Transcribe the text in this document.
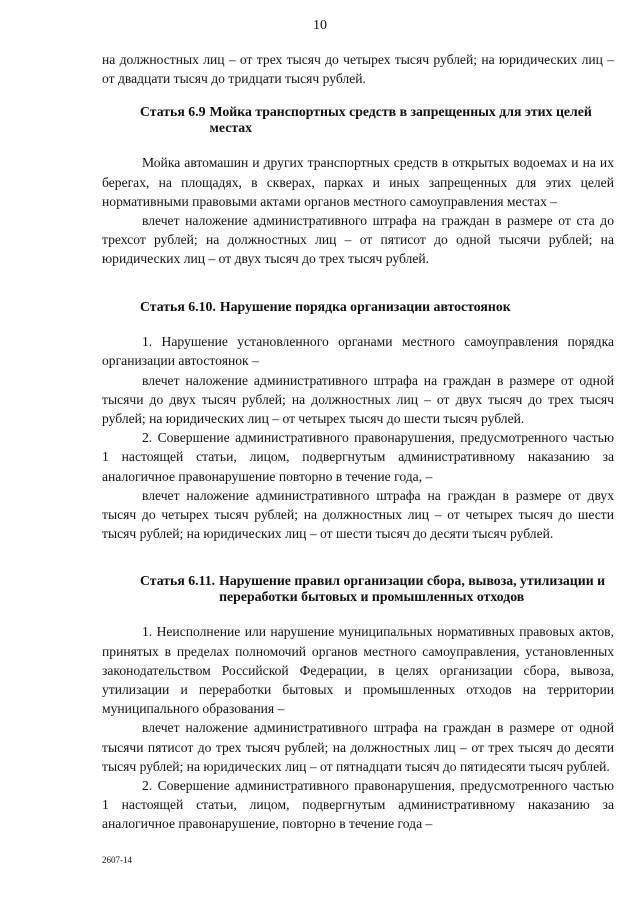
10

на должностных лиц – от трех тысяч до четырех тысяч рублей; на юридических лиц – от двадцати тысяч до тридцати тысяч рублей.

Статья 6.9 Мойка транспортных средств в запрещенных для этих целей местах

Мойка автомашин и других транспортных средств в открытых водоемах и на их берегах, на площадях, в скверах, парках и иных запрещенных для этих целей нормативными правовыми актами органов местного самоуправления местах –

влечет наложение административного штрафа на граждан в размере от ста до трехсот рублей; на должностных лиц – от пятисот до одной тысячи рублей; на юридических лиц – от двух тысяч до трех тысяч рублей.

Статья 6.10. Нарушение порядка организации автостоянок

1. Нарушение установленного органами местного самоуправления порядка организации автостоянок –

влечет наложение административного штрафа на граждан в размере от одной тысячи до двух тысяч рублей; на должностных лиц – от двух тысяч до трех тысяч рублей; на юридических лиц – от четырех тысяч до шести тысяч рублей.

2. Совершение административного правонарушения, предусмотренного частью 1 настоящей статьи, лицом, подвергнутым административному наказанию за аналогичное правонарушение повторно в течение года, –

влечет наложение административного штрафа на граждан в размере от двух тысяч до четырех тысяч рублей; на должностных лиц – от четырех тысяч до шести тысяч рублей; на юридических лиц – от шести тысяч до десяти тысяч рублей.

Статья 6.11. Нарушение правил организации сбора, вывоза, утилизации и переработки бытовых и промышленных отходов

1. Неисполнение или нарушение муниципальных нормативных правовых актов, принятых в пределах полномочий органов местного самоуправления, установленных законодательством Российской Федерации, в целях организации сбора, вывоза, утилизации и переработки бытовых и промышленных отходов на территории муниципального образования –

влечет наложение административного штрафа на граждан в размере от одной тысячи пятисот до трех тысяч рублей; на должностных лиц – от трех тысяч до десяти тысяч рублей; на юридических лиц – от пятнадцати тысяч до пятидесяти тысяч рублей.

2. Совершение административного правонарушения, предусмотренного частью 1 настоящей статьи, лицом, подвергнутым административному наказанию за аналогичное правонарушение, повторно в течение года –

2607-14
